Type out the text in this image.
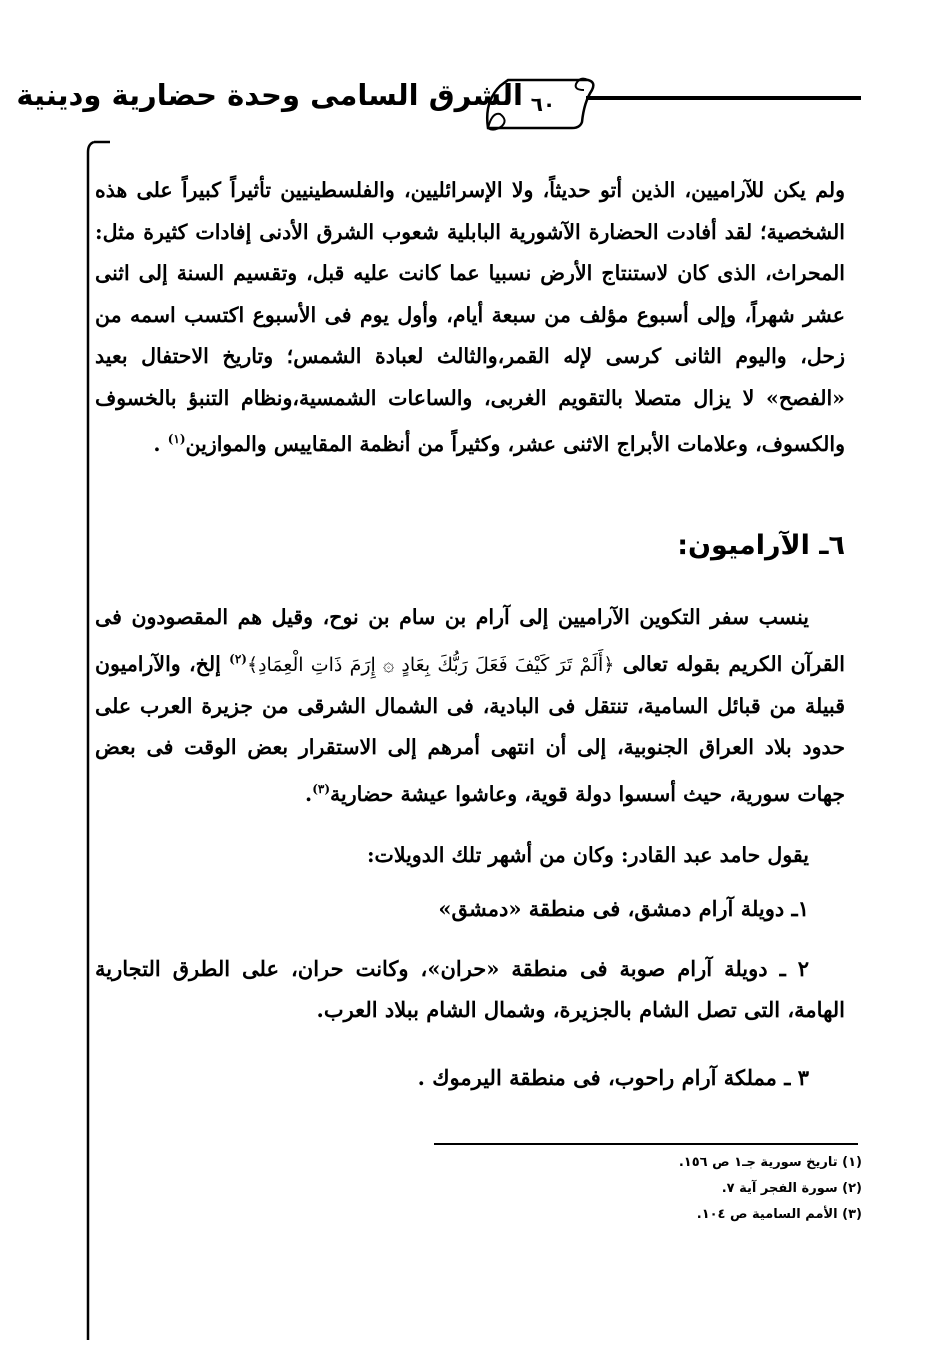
الشرق السامى وحدة حضارية ودينية ٦٠
ولم يكن للآراميين، الذين أتو حديثاً، ولا الإسرائليين، والفلسطينيين تأثيراً كبيراً على هذه الشخصية؛ لقد أفادت الحضارة الآشورية البابلية شعوب الشرق الأدنى إفادات كثيرة مثل: المحراث، الذى كان لاستنتاج الأرض نسبيا عما كانت عليه قبل، وتقسيم السنة إلى اثنى عشر شهراً، وإلى أسبوع مؤلف من سبعة أيام، وأول يوم فى الأسبوع اكتسب اسمه من زحل، واليوم الثانى كرسى لإله القمر،والثالث لعبادة الشمس؛ وتاريخ الاحتفال بعيد «الفصح» لا يزال متصلا بالتقويم الغربى، والساعات الشمسية،ونظام التنبؤ بالخسوف والكسوف، وعلامات الأبراج الاثنى عشر، وكثيراً من أنظمة المقاييس والموازين$^{(١)}$ .
٦ـ الآراميون:
ينسب سفر التكوين الآراميين إلى آرام بن سام بن نوح، وقيل هم المقصودون فى القرآن الكريم بقوله تعالى ﴿أَلَمْ تَرَ كَيْفَ فَعَلَ رَبُّكَ بِعَادٍ ۞ إِرَمَ ذَاتِ الْعِمَادِ﴾$^{(٢)}$ إلخ، والآراميون قبيلة من قبائل السامية، تنتقل فى البادية، فى الشمال الشرقى من جزيرة العرب على حدود بلاد العراق الجنوبية، إلى أن انتهى أمرهم إلى الاستقرار بعض الوقت فى بعض جهات سورية، حيث أسسوا دولة قوية، وعاشوا عيشة حضارية$^{(٣)}$.
يقول حامد عبد القادر: وكان من أشهر تلك الدويلات:
١ـ دويلة آرام دمشق، فى منطقة «دمشق»
٢ ـ دويلة آرام صوبة فى منطقة «حران»، وكانت حران، على الطرق التجارية الهامة، التى تصل الشام بالجزيرة، وشمال الشام ببلاد العرب.
٣ ـ مملكة آرام راحوب، فى منطقة اليرموك .
(١) تاريخ سورية جـ١ ص ١٥٦.
(٢) سورة الفجر آية ٧.
(٣) الأمم السامية ص ١٠٤.
